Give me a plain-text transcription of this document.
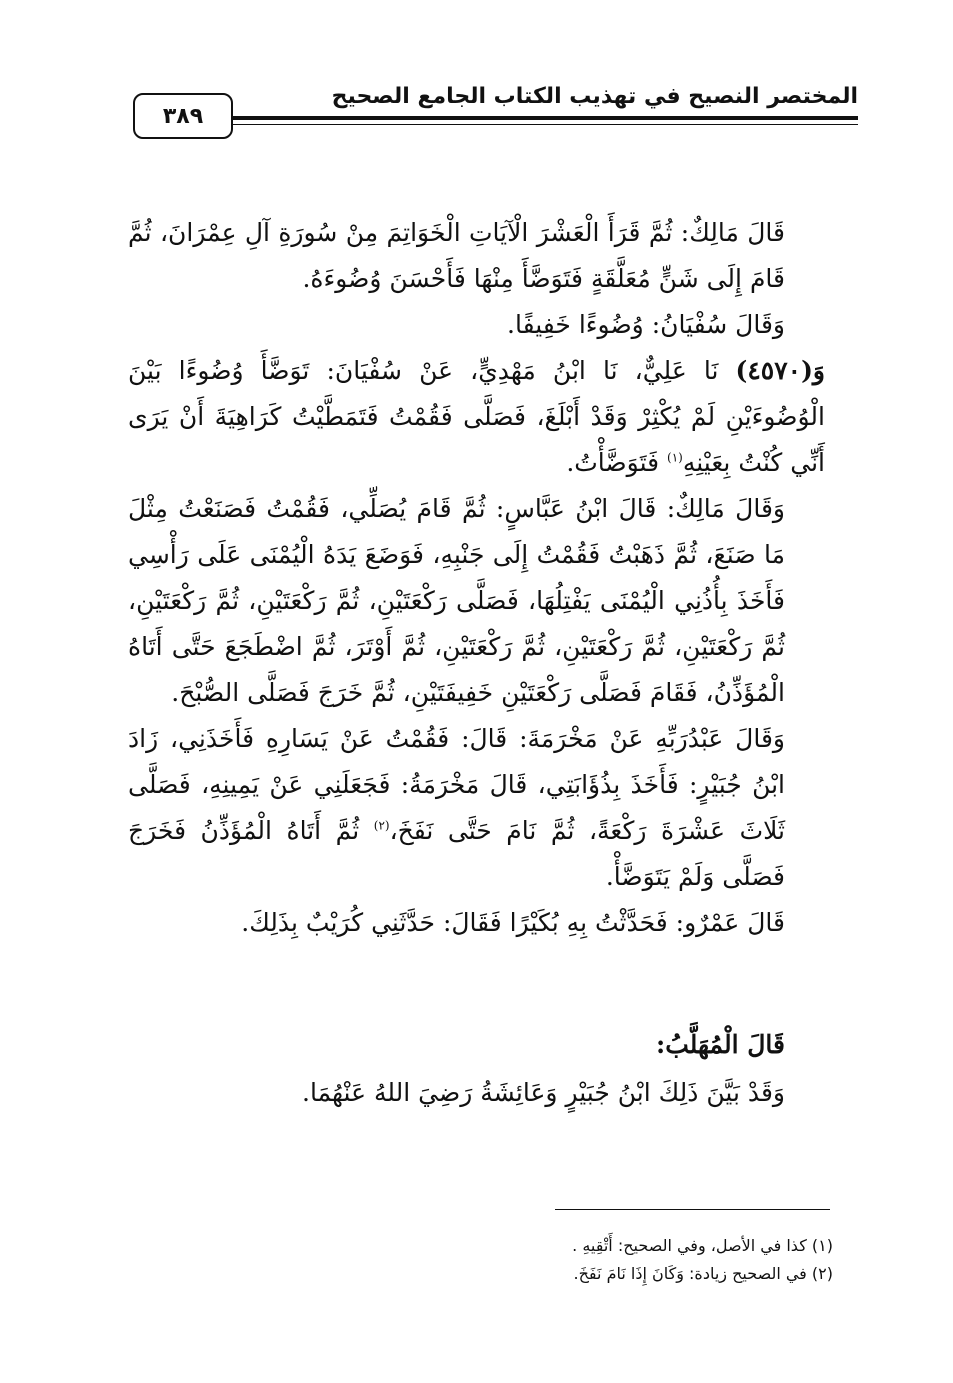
المختصر النصيح في تهذيب الكتاب الجامع الصحيح
٣٨٩

قَالَ مَالِكٌ: ثُمَّ قَرَأَ الْعَشْرَ الْآيَاتِ الْخَوَاتِمَ مِنْ سُورَةِ آلِ عِمْرَانَ، ثُمَّ قَامَ إِلَى شَنٍّ مُعَلَّقَةٍ فَتَوَضَّأَ مِنْهَا فَأَحْسَنَ وُضُوءَهُ.

وَقَالَ سُفْيَانُ: وُضُوءًا خَفِيفًا.

وَ(٤٥٧٠) نَا عَلِيٌّ، نَا ابْنُ مَهْدِيٍّ، عَنْ سُفْيَانَ: تَوَضَّأَ وُضُوءًا بَيْنَ الْوُضُوءَيْنِ لَمْ يُكْثِرْ وَقَدْ أَبْلَغَ، فَصَلَّى فَقُمْتُ فَتَمَطَّيْتُ كَرَاهِيَةَ أَنْ يَرَى أَنِّي كُنْتُ بِعَيْنِهِ$^{(١)}$ فَتَوَضَّأْتُ.

وَقَالَ مَالِكٌ: قَالَ ابْنُ عَبَّاسٍ: ثُمَّ قَامَ يُصَلِّي، فَقُمْتُ فَصَنَعْتُ مِثْلَ مَا صَنَعَ، ثُمَّ ذَهَبْتُ فَقُمْتُ إِلَى جَنْبِهِ، فَوَضَعَ يَدَهُ الْيُمْنَى عَلَى رَأْسِي فَأَخَذَ بِأُذُنِي الْيُمْنَى يَفْتِلُهَا، فَصَلَّى رَكْعَتَيْنِ، ثُمَّ رَكْعَتَيْنِ، ثُمَّ رَكْعَتَيْنِ، ثُمَّ رَكْعَتَيْنِ، ثُمَّ رَكْعَتَيْنِ، ثُمَّ رَكْعَتَيْنِ، ثُمَّ أَوْتَرَ، ثُمَّ اضْطَجَعَ حَتَّى أَتَاهُ الْمُؤَذِّنُ، فَقَامَ فَصَلَّى رَكْعَتَيْنِ خَفِيفَتَيْنِ، ثُمَّ خَرَجَ فَصَلَّى الصُّبْحَ.

وَقَالَ عَبْدُرَبِّهِ عَنْ مَخْرَمَةَ: قَالَ: فَقُمْتُ عَنْ يَسَارِهِ فَأَخَذَنِي، زَادَ ابْنُ جُبَيْرٍ: فَأَخَذَ بِذُؤَابَتِي، قَالَ مَخْرَمَةُ: فَجَعَلَنِي عَنْ يَمِينِهِ، فَصَلَّى ثَلَاثَ عَشْرَةَ رَكْعَةً، ثُمَّ نَامَ حَتَّى نَفَخَ،$^{(٢)}$ ثُمَّ أَتَاهُ الْمُؤَذِّنُ فَخَرَجَ فَصَلَّى وَلَمْ يَتَوَضَّأْ.

قَالَ عَمْرٌو: فَحَدَّثْتُ بِهِ بُكَيْرًا فَقَالَ: حَدَّثَنِي كُرَيْبٌ بِذَلِكَ.

قَالَ الْمُهَلَّبُ:
وَقَدْ بَيَّنَ ذَلِكَ ابْنُ جُبَيْرٍ وَعَائِشَةُ رَضِيَ اللهُ عَنْهُمَا.

(١) كذا في الأصل، وفي الصحيح: أَتْقِيهِ .

(٢) في الصحيح زيادة: وَكَانَ إِذَا نَامَ نَفَخَ.
